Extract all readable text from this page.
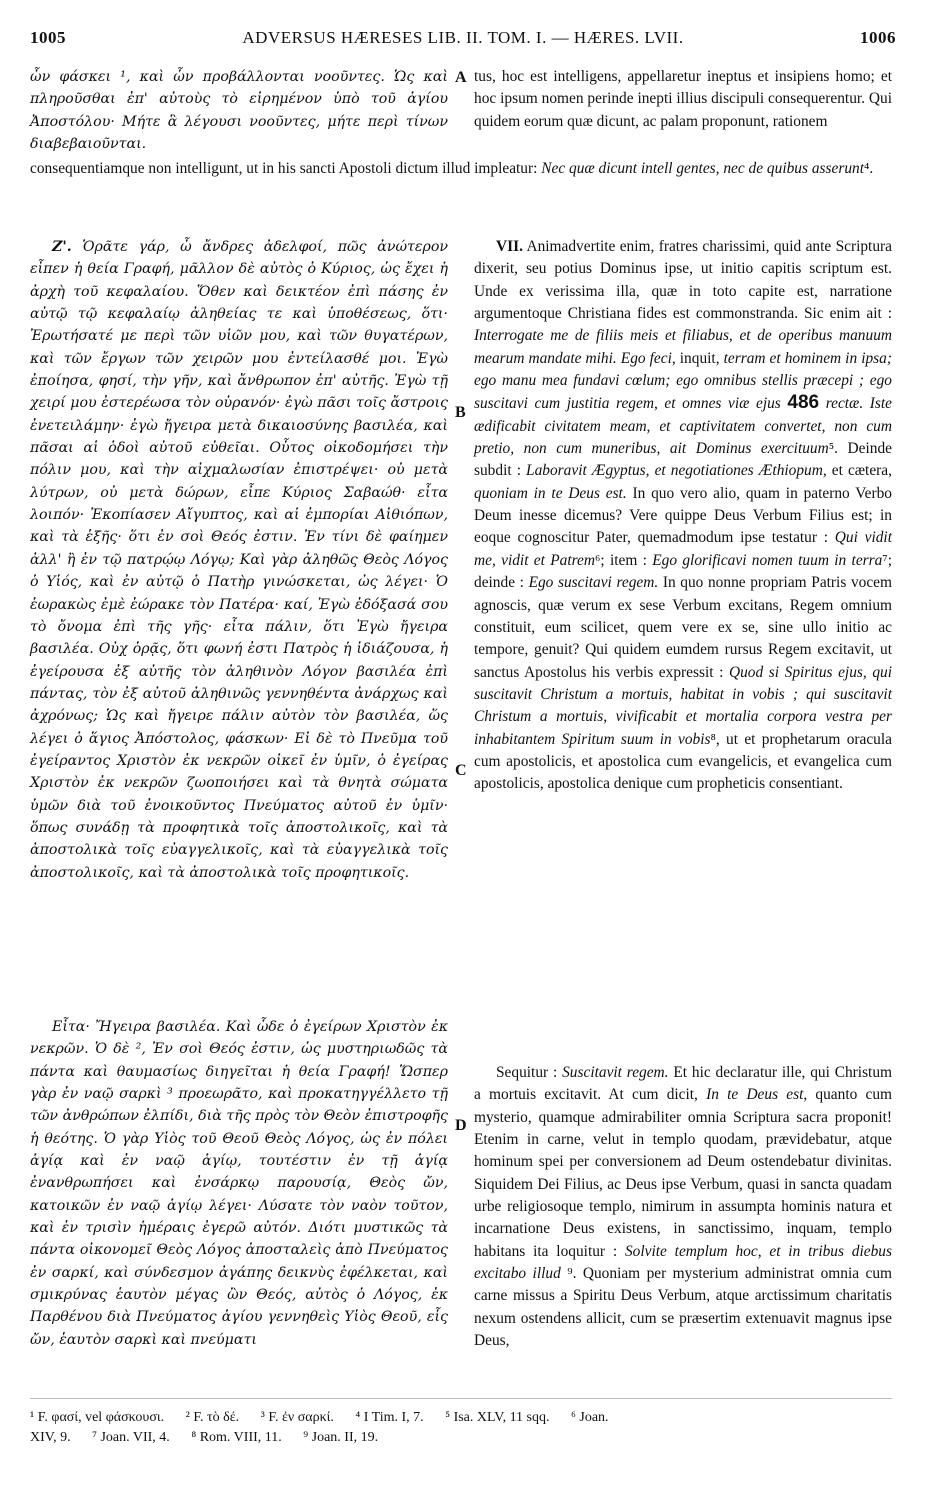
1005	ADVERSUS HÆRESES LIB. II. TOM. I. — HÆRES. LVII.	1006
A
B
C
D

ὧν φάσκει ¹, καὶ ὧν προβάλλονται νοοῦντες. Ὡς καὶ πληροῦσθαι ἐπ' αὐτοὺς τὸ εἰρημένον ὑπὸ τοῦ ἁγίου Ἀποστόλου· Μήτε ἃ λέγουσι νοοῦντες, μήτε περὶ τίνων διαβεβαιοῦνται.

tus, hoc est intelligens, appellaretur ineptus et insipiens homo; et hoc ipsum nomen perinde inepti illius discipuli consequerentur. Qui quidem eorum quæ dicunt, ac palam proponunt, rationem

consequentiamque non intelligunt, ut in his sancti Apostoli dictum illud impleatur: Nec quæ dicunt intell gentes, nec de quibus asserunt⁴.

Ζ'. Ὁρᾶτε γάρ, ὦ ἄνδρες ἀδελφοί, πῶς ἀνώτερον εἶπεν ἡ θεία Γραφή, μᾶλλον δὲ αὐτὸς ὁ Κύριος, ὡς ἔχει ἡ ἀρχὴ τοῦ κεφαλαίου. Ὅθεν καὶ δεικτέον ἐπὶ πάσης ἐν αὐτῷ τῷ κεφαλαίῳ ἀληθείας τε καὶ ὑποθέσεως, ὅτι· Ἐρωτήσατέ με περὶ τῶν υἱῶν μου, καὶ τῶν θυγατέρων, καὶ τῶν ἔργων τῶν χειρῶν μου ἐντείλασθέ μοι. Ἐγὼ ἐποίησα, φησί, τὴν γῆν, καὶ ἄνθρωπον ἐπ' αὐτῆς. Ἐγὼ τῇ χειρί μου ἐστερέωσα τὸν οὐρανόν· ἐγὼ πᾶσι τοῖς ἄστροις ἐνετειλάμην· ἐγὼ ἤγειρα μετὰ δικαιοσύνης βασιλέα, καὶ πᾶσαι αἱ ὁδοὶ αὐτοῦ εὐθεῖαι. Οὗτος οἰκοδομήσει τὴν πόλιν μου, καὶ τὴν αἰχμαλωσίαν ἐπιστρέψει· οὐ μετὰ λύτρων, οὐ μετὰ δώρων, εἶπε Κύριος Σαβαώθ· εἶτα λοιπόν· Ἐκοπίασεν Αἴγυπτος, καὶ αἱ ἐμπορίαι Αἰθιόπων, καὶ τὰ ἑξῆς· ὅτι ἐν σοὶ Θεός ἐστιν. Ἐν τίνι δὲ φαίημεν ἀλλ' ἢ ἐν τῷ πατρῴῳ Λόγῳ; Καὶ γὰρ ἀληθῶς Θεὸς Λόγος ὁ Υἱός, καὶ ἐν αὐτῷ ὁ Πατὴρ γινώσκεται, ὡς λέγει· Ὁ ἑωρακὼς ἐμὲ ἑώρακε τὸν Πατέρα· καί, Ἐγὼ ἐδόξασά σου τὸ ὄνομα ἐπὶ τῆς γῆς· εἶτα πάλιν, ὅτι Ἐγὼ ἤγειρα βασιλέα. Οὐχ ὁρᾷς, ὅτι φωνή ἐστι Πατρὸς ἡ ἰδιάζουσα, ἡ ἐγείρουσα ἐξ αὐτῆς τὸν ἀληθινὸν Λόγον βασιλέα ἐπὶ πάντας, τὸν ἐξ αὐτοῦ ἀληθινῶς γεννηθέντα ἀνάρχως καὶ ἀχρόνως; Ὡς καὶ ἤγειρε πάλιν αὐτὸν τὸν βασιλέα, ὥς λέγει ὁ ἅγιος Ἀπόστολος, φάσκων· Εἰ δὲ τὸ Πνεῦμα τοῦ ἐγείραντος Χριστὸν ἐκ νεκρῶν οἰκεῖ ἐν ὑμῖν, ὁ ἐγείρας Χριστὸν ἐκ νεκρῶν ζωοποιήσει καὶ τὰ θνητὰ σώματα ὑμῶν διὰ τοῦ ἐνοικοῦντος Πνεύματος αὐτοῦ ἐν ὑμῖν· ὅπως συνάδῃ τὰ προφητικὰ τοῖς ἀποστολικοῖς, καὶ τὰ ἀποστολικὰ τοῖς εὐαγγελικοῖς, καὶ τὰ εὐαγγελικὰ τοῖς ἀποστολικοῖς, καὶ τὰ ἀποστολικὰ τοῖς προφητικοῖς.

VII. Animadvertite enim, fratres charissimi, quid ante Scriptura dixerit, seu potius Dominus ipse, ut initio capitis scriptum est. Unde ex verissima illa, quæ in toto capite est, narratione argumentoque Christiana fides est commonstranda. Sic enim ait : Interrogate me de filiis meis et filiabus, et de operibus manuum mearum mandate mihi. Ego feci, inquit, terram et hominem in ipsa; ego manu mea fundavi cœlum; ego omnibus stellis præcepi ; ego suscitavi cum justitia regem, et omnes viæ ejus 486 rectæ. Iste ædificabit civitatem meam, et captivitatem convertet, non cum pretio, non cum muneribus, ait Dominus exercituum⁵. Deinde subdit : Laboravit Ægyptus, et negotiationes Æthiopum, et cætera, quoniam in te Deus est. In quo vero alio, quam in paterno Verbo Deum inesse dicemus? Vere quippe Deus Verbum Filius est; in eoque cognoscitur Pater, quemadmodum ipse testatur : Qui vidit me, vidit et Patrem⁶; item : Ego glorificavi nomen tuum in terra⁷; deinde : Ego suscitavi regem. In quo nonne propriam Patris vocem agnoscis, quæ verum ex sese Verbum excitans, Regem omnium constituit, eum scilicet, quem vere ex se, sine ullo initio ac tempore, genuit? Qui quidem eumdem rursus Regem excitavit, ut sanctus Apostolus his verbis expressit : Quod si Spiritus ejus, qui suscitavit Christum a mortuis, habitat in vobis ; qui suscitavit Christum a mortuis, vivificabit et mortalia corpora vestra per inhabitantem Spiritum suum in vobis⁸, ut et prophetarum oracula cum apostolicis, et apostolica cum evangelicis, et evangelica cum apostolicis, apostolica denique cum propheticis consentiant.

Εἶτα· Ἤγειρα βασιλέα. Καὶ ὧδε ὁ ἐγείρων Χριστὸν ἐκ νεκρῶν. Ὁ δὲ ², Ἐν σοὶ Θεός ἐστιν, ὡς μυστηριωδῶς τὰ πάντα καὶ θαυμασίως διηγεῖται ἡ θεία Γραφή! Ὥσπερ γὰρ ἐν ναῷ σαρκὶ ³ προεωρᾶτο, καὶ προκατηγγέλλετο τῇ τῶν ἀνθρώπων ἐλπίδι, διὰ τῆς πρὸς τὸν Θεὸν ἐπιστροφῆς ἡ θεότης. Ὁ γὰρ Υἱὸς τοῦ Θεοῦ Θεὸς Λόγος, ὡς ἐν πόλει ἁγίᾳ καὶ ἐν ναῷ ἁγίῳ, τουτέστιν ἐν τῇ ἁγίᾳ ἐνανθρωπήσει καὶ ἐνσάρκῳ παρουσίᾳ, Θεὸς ὤν, κατοικῶν ἐν ναῷ ἁγίῳ λέγει· Λύσατε τὸν ναὸν τοῦτον, καὶ ἐν τρισὶν ἡμέραις ἐγερῶ αὐτόν. Διότι μυστικῶς τὰ πάντα οἰκονομεῖ Θεὸς Λόγος ἀποσταλεὶς ἀπὸ Πνεύματος ἐν σαρκί, καὶ σύνδεσμον ἀγάπης δεικνὺς ἐφέλκεται, καὶ σμικρύνας ἑαυτὸν μέγας ὢν Θεός, αὐτὸς ὁ Λόγος, ἐκ Παρθένου διὰ Πνεύματος ἁγίου γεννηθεὶς Υἱὸς Θεοῦ, εἷς ὤν, ἑαυτὸν σαρκὶ καὶ πνεύματι

Sequitur : Suscitavit regem. Et hic declaratur ille, qui Christum a mortuis excitavit. At cum dicit, In te Deus est, quanto cum mysterio, quamque admirabiliter omnia Scriptura sacra proponit! Etenim in carne, velut in templo quodam, prævidebatur, atque hominum spei per conversionem ad Deum ostendebatur divinitas. Siquidem Dei Filius, ac Deus ipse Verbum, quasi in sancta quadam urbe religiosoque templo, nimirum in assumpta hominis natura et incarnatione Deus existens, in sanctissimo, inquam, templo habitans ita loquitur : Solvite templum hoc, et in tribus diebus excitabo illud ⁹. Quoniam per mysterium administrat omnia cum carne missus a Spiritu Deus Verbum, atque arctissimum charitatis nexum ostendens allicit, cum se præsertim extenuavit magnus ipse Deus,

¹ F. φασί, vel φάσκουσι. ² F. τὸ δέ. ³ F. ἐν σαρκί. ⁴ I Tim. I, 7. ⁵ Isa. XLV, 11 sqq. ⁶ Joan.
XIV, 9. ⁷ Joan. VII, 4. ⁸ Rom. VIII, 11. ⁹ Joan. II, 19.
